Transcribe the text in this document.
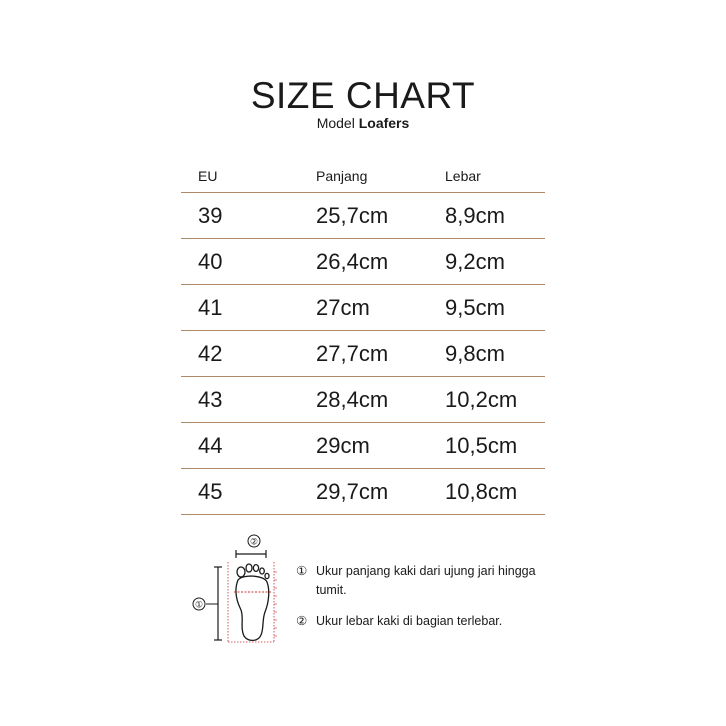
SIZE CHART
Model Loafers
EU	Panjang	Lebar
39	25,7cm	8,9cm
40	26,4cm	9,2cm
41	27cm	9,5cm
42	27,7cm	9,8cm
43	28,4cm	10,2cm
44	29cm	10,5cm
45	29,7cm	10,8cm
②
①
① Ukur panjang kaki dari ujung jari hingga tumit.
② Ukur lebar kaki di bagian terlebar.
